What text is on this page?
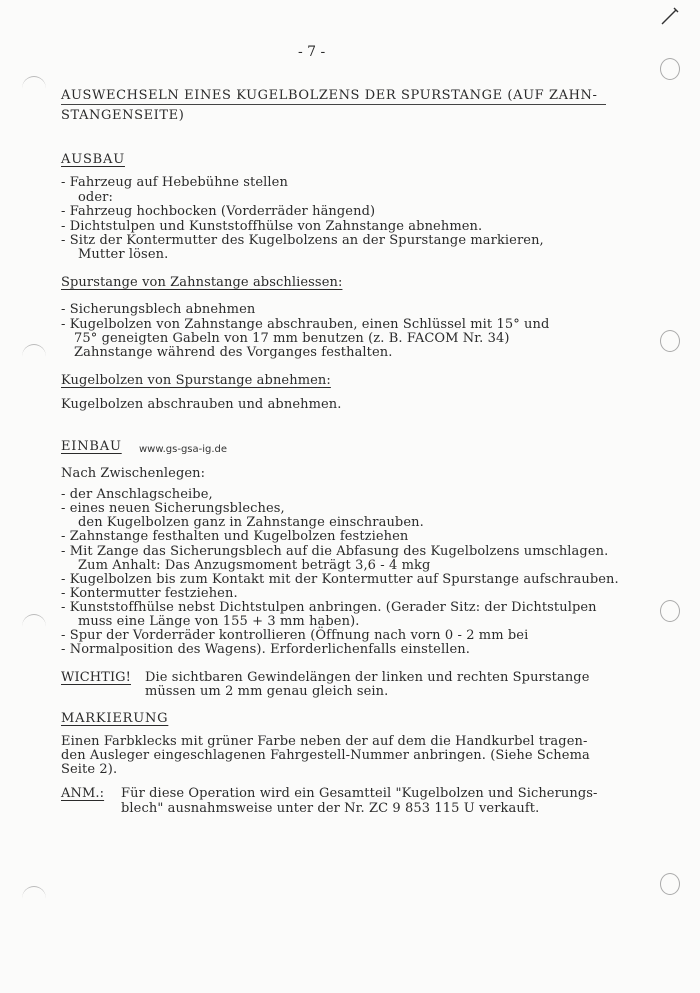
- 7 -
AUSWECHSELN EINES KUGELBOLZENS DER SPURSTANGE (AUF ZAHN-
STANGENSEITE)
AUSBAU
- Fahrzeug auf Hebebühne stellen
oder:
- Fahrzeug hochbocken (Vorderräder hängend)
- Dichtstulpen und Kunststoffhülse von Zahnstange abnehmen.
- Sitz der Kontermutter des Kugelbolzens an der Spurstange markieren,
Mutter lösen.
Spurstange von Zahnstange abschliessen:
- Sicherungsblech abnehmen
- Kugelbolzen von Zahnstange abschrauben, einen Schlüssel mit 15° und
75° geneigten Gabeln von 17 mm benutzen (z. B. FACOM Nr. 34)
Zahnstange während des Vorganges festhalten.
Kugelbolzen von Spurstange abnehmen:
Kugelbolzen abschrauben und abnehmen.
EINBAU www.gs-gsa-ig.de
Nach Zwischenlegen:
- der Anschlagscheibe,
- eines neuen Sicherungsbleches,
den Kugelbolzen ganz in Zahnstange einschrauben.
- Zahnstange festhalten und Kugelbolzen festziehen
- Mit Zange das Sicherungsblech auf die Abfasung des Kugelbolzens umschlagen.
Zum Anhalt: Das Anzugsmoment beträgt 3,6 - 4 mkg
- Kugelbolzen bis zum Kontakt mit der Kontermutter auf Spurstange aufschrauben.
- Kontermutter festziehen.
- Kunststoffhülse nebst Dichtstulpen anbringen. (Gerader Sitz: der Dichtstulpen
muss eine Länge von 155 + 3 mm haben).
- Spur der Vorderräder kontrollieren (Öffnung nach vorn 0 - 2 mm bei
- Normalposition des Wagens). Erforderlichenfalls einstellen.
WICHTIG! Die sichtbaren Gewindelängen der linken und rechten Spurstange
müssen um 2 mm genau gleich sein.
MARKIERUNG
Einen Farbklecks mit grüner Farbe neben der auf dem die Handkurbel tragen-
den Ausleger eingeschlagenen Fahrgestell-Nummer anbringen. (Siehe Schema
Seite 2).
ANM.: Für diese Operation wird ein Gesamtteil "Kugelbolzen und Sicherungs-
blech" ausnahmsweise unter der Nr. ZC 9 853 115 U verkauft.
